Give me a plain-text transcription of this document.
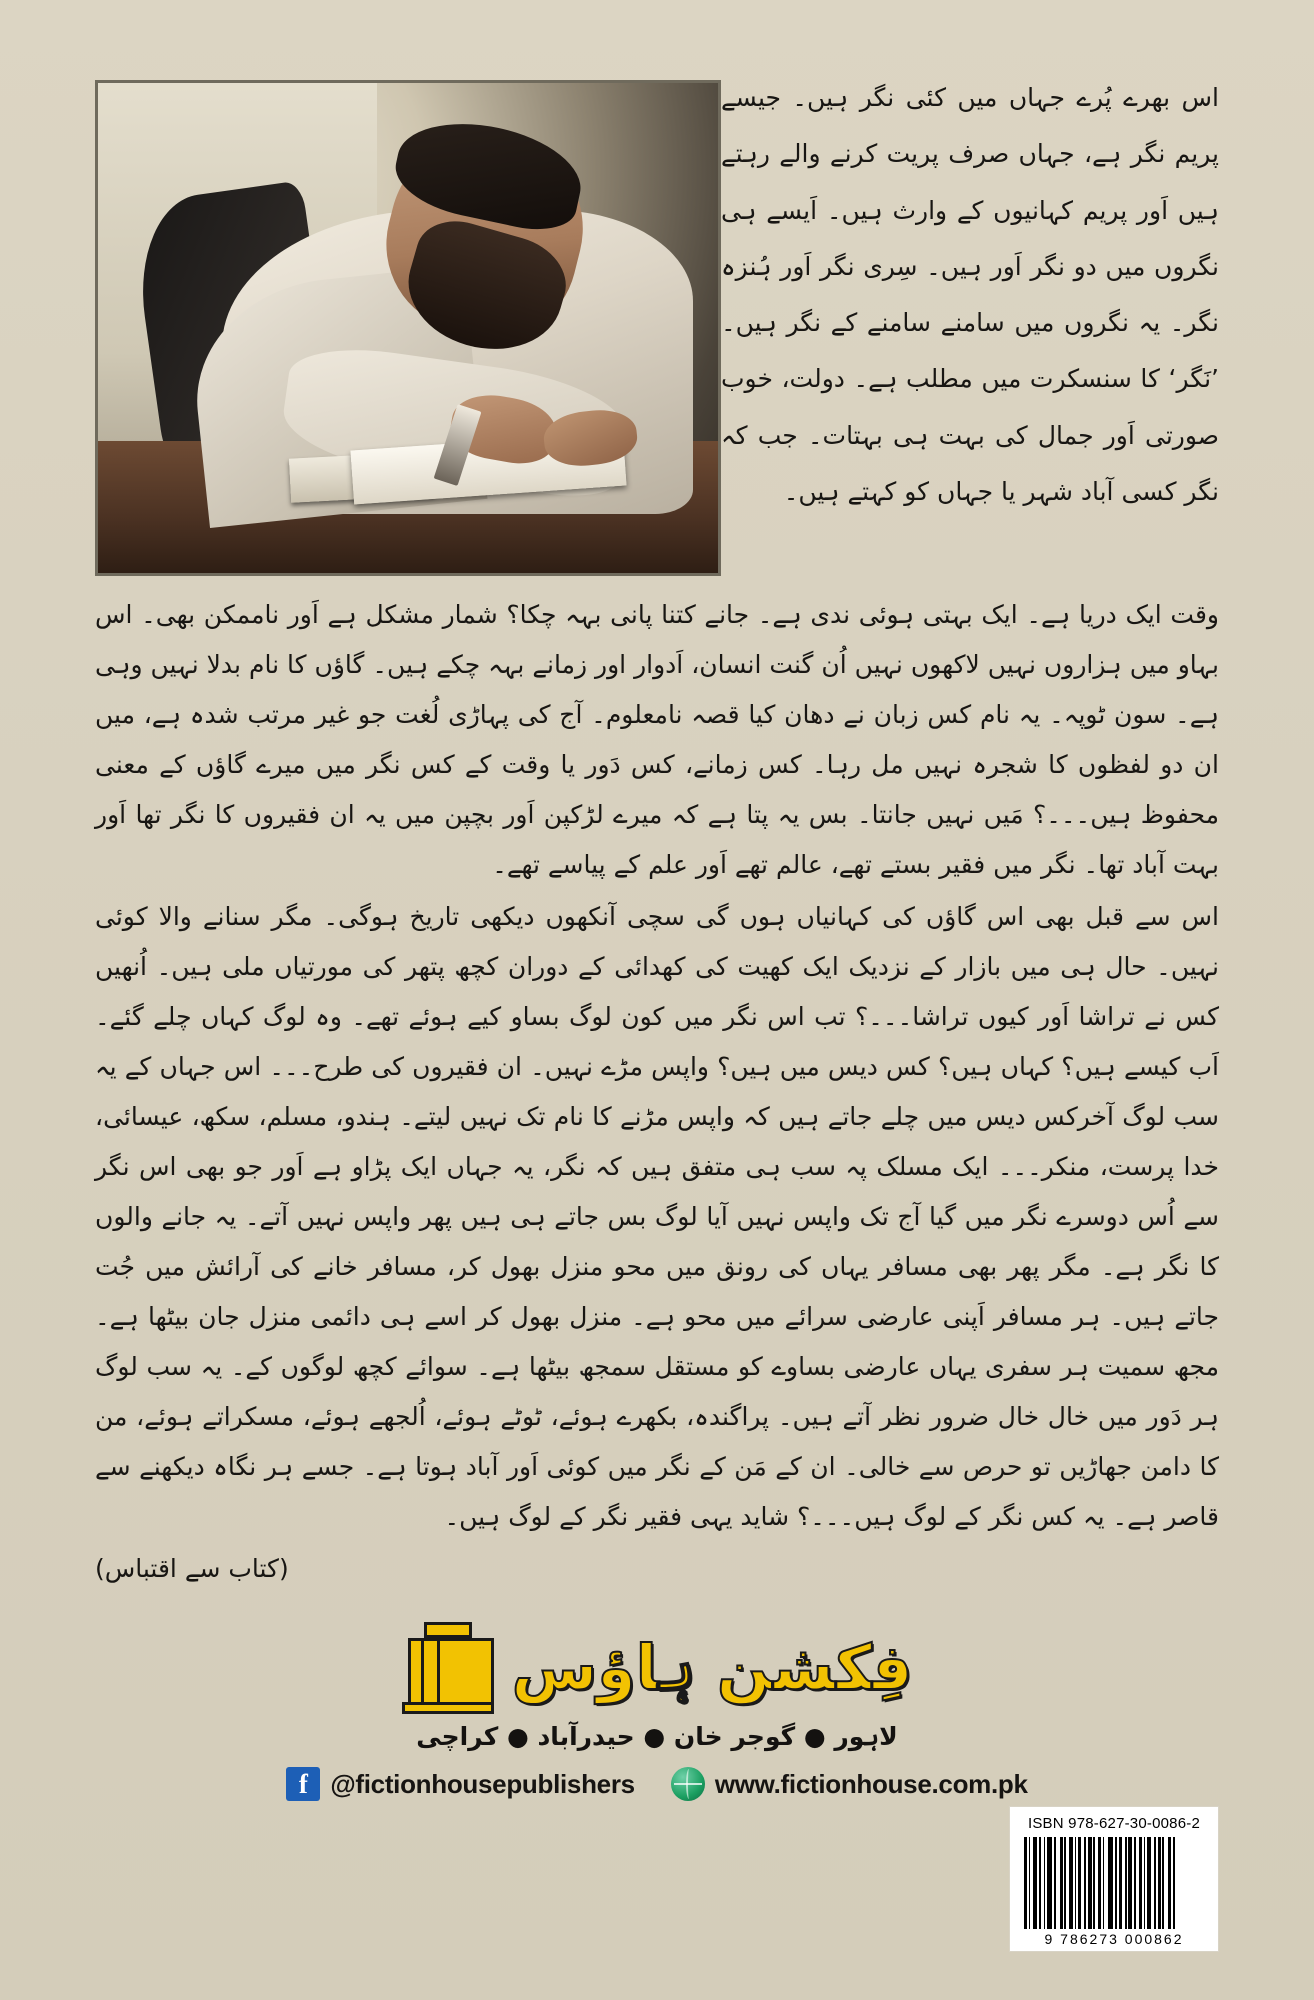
اس بھرے پُرے جہاں میں کئی نگر ہیں۔ جیسے پریم نگر ہے، جہاں صرف پریت کرنے والے رہتے ہیں اَور پریم کہانیوں کے وارث ہیں۔ اَیسے ہی نگروں میں دو نگر اَور ہیں۔ سِری نگر اَور ہُنزہ نگر۔ یہ نگروں میں سامنے سامنے کے نگر ہیں۔ ’نَگر‘ کا سنسکرت میں مطلب ہے۔ دولت، خوب صورتی اَور جمال کی بہت ہی بہتات۔ جب کہ نگر کسی آباد شہر یا جہاں کو کہتے ہیں۔

وقت ایک دریا ہے۔ ایک بہتی ہوئی ندی ہے۔ جانے کتنا پانی بہہ چکا؟ شمار مشکل ہے اَور ناممکن بھی۔ اس بہاو میں ہزاروں نہیں لاکھوں نہیں اُن گنت انسان، اَدوار اور زمانے بہہ چکے ہیں۔ گاؤں کا نام بدلا نہیں وہی ہے۔ سون ٹوپہ۔ یہ نام کس زبان نے دھان کیا قصہ نامعلوم۔ آج کی پہاڑی لُغت جو غیر مرتب شدہ ہے، میں ان دو لفظوں کا شجرہ نہیں مل رہا۔ کس زمانے، کس دَور یا وقت کے کس نگر میں میرے گاؤں کے معنی محفوظ ہیں۔۔۔؟ مَیں نہیں جانتا۔ بس یہ پتا ہے کہ میرے لڑکپن اَور بچپن میں یہ ان فقیروں کا نگر تھا اَور بہت آباد تھا۔ نگر میں فقیر بستے تھے، عالم تھے اَور علم کے پیاسے تھے۔

اس سے قبل بھی اس گاؤں کی کہانیاں ہوں گی سچی آنکھوں دیکھی تاریخ ہوگی۔ مگر سنانے والا کوئی نہیں۔ حال ہی میں بازار کے نزدیک ایک کھیت کی کھدائی کے دوران کچھ پتھر کی مورتیاں ملی ہیں۔ اُنھیں کس نے تراشا اَور کیوں تراشا۔۔۔؟ تب اس نگر میں کون لوگ بساو کیے ہوئے تھے۔ وہ لوگ کہاں چلے گئے۔ اَب کیسے ہیں؟ کہاں ہیں؟ کس دیس میں ہیں؟ واپس مڑے نہیں۔ ان فقیروں کی طرح۔۔۔ اس جہاں کے یہ سب لوگ آخرکس دیس میں چلے جاتے ہیں کہ واپس مڑنے کا نام تک نہیں لیتے۔ ہندو، مسلم، سکھ، عیسائی، خدا پرست، منکر۔۔۔ ایک مسلک پہ سب ہی متفق ہیں کہ نگر، یہ جہاں ایک پڑاو ہے اَور جو بھی اس نگر سے اُس دوسرے نگر میں گیا آج تک واپس نہیں آیا لوگ بس جاتے ہی ہیں پھر واپس نہیں آتے۔ یہ جانے والوں کا نگر ہے۔ مگر پھر بھی مسافر یہاں کی رونق میں محو منزل بھول کر، مسافر خانے کی آرائش میں جُت جاتے ہیں۔ ہر مسافر اَپنی عارضی سرائے میں محو ہے۔ منزل بھول کر اسے ہی دائمی منزل جان بیٹھا ہے۔ مجھ سمیت ہر سفری یہاں عارضی بساوے کو مستقل سمجھ بیٹھا ہے۔ سوائے کچھ لوگوں کے۔ یہ سب لوگ ہر دَور میں خال خال ضرور نظر آتے ہیں۔ پراگندہ، بکھرے ہوئے، ٹوٹے ہوئے، اُلجھے ہوئے، مسکراتے ہوئے، من کا دامن جھاڑیں تو حرص سے خالی۔ ان کے مَن کے نگر میں کوئی اَور آباد ہوتا ہے۔ جسے ہر نگاہ دیکھنے سے قاصر ہے۔ یہ کس نگر کے لوگ ہیں۔۔۔؟ شاید یہی فقیر نگر کے لوگ ہیں۔

(کتاب سے اقتباس)

فِکشن ہاؤس
لاہور ● گوجر خان ● حیدرآباد ● کراچی
f @fictionhousepublishers	www.fictionhouse.com.pk
ISBN 978-627-30-0086-2
9 786273 000862
